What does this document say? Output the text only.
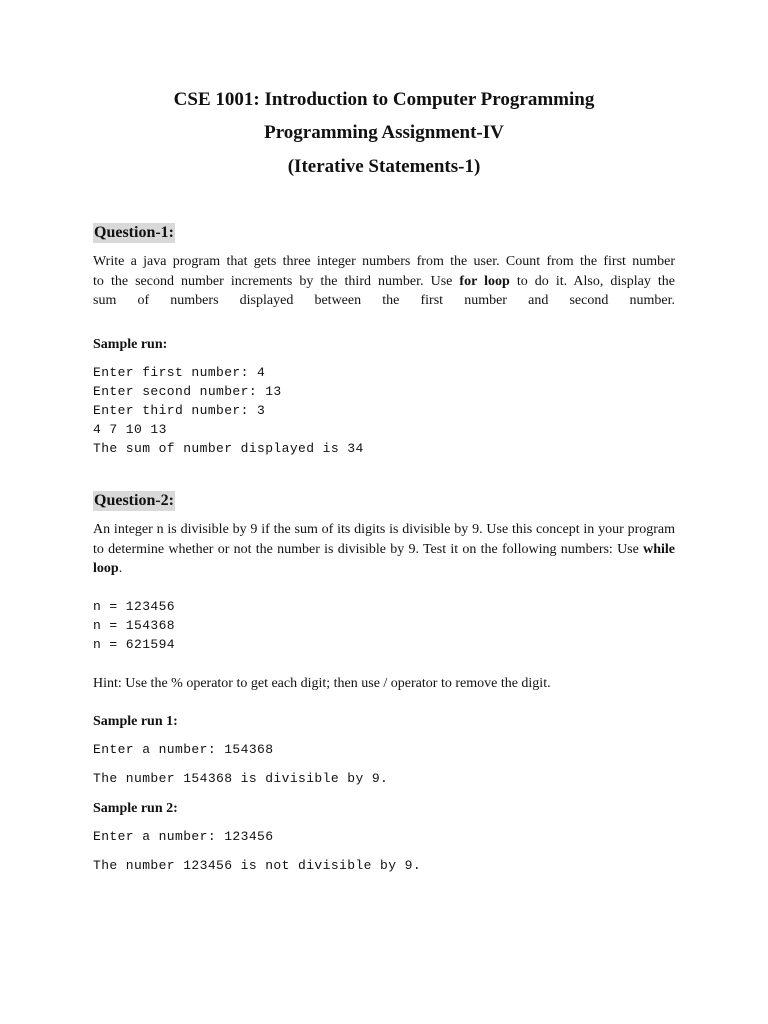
CSE 1001: Introduction to Computer Programming
Programming Assignment-IV
(Iterative Statements-1)
Question-1:
Write a java program that gets three integer numbers from the user. Count from the first number
to the second number increments by the third number. Use for loop to do it. Also, display the
sum of numbers displayed between the first number and second number.
Sample run:
Enter first number: 4
Enter second number: 13
Enter third number: 3
4 7 10 13
The sum of number displayed is 34
Question-2:
An integer n is divisible by 9 if the sum of its digits is divisible by 9. Use this concept in your program to determine whether or not the number is divisible by 9. Test it on the following numbers: Use while loop.
n = 123456
n = 154368
n = 621594
Hint: Use the % operator to get each digit; then use / operator to remove the digit.
Sample run 1:
Enter a number: 154368
The number 154368 is divisible by 9.
Sample run 2:
Enter a number: 123456
The number 123456 is not divisible by 9.
